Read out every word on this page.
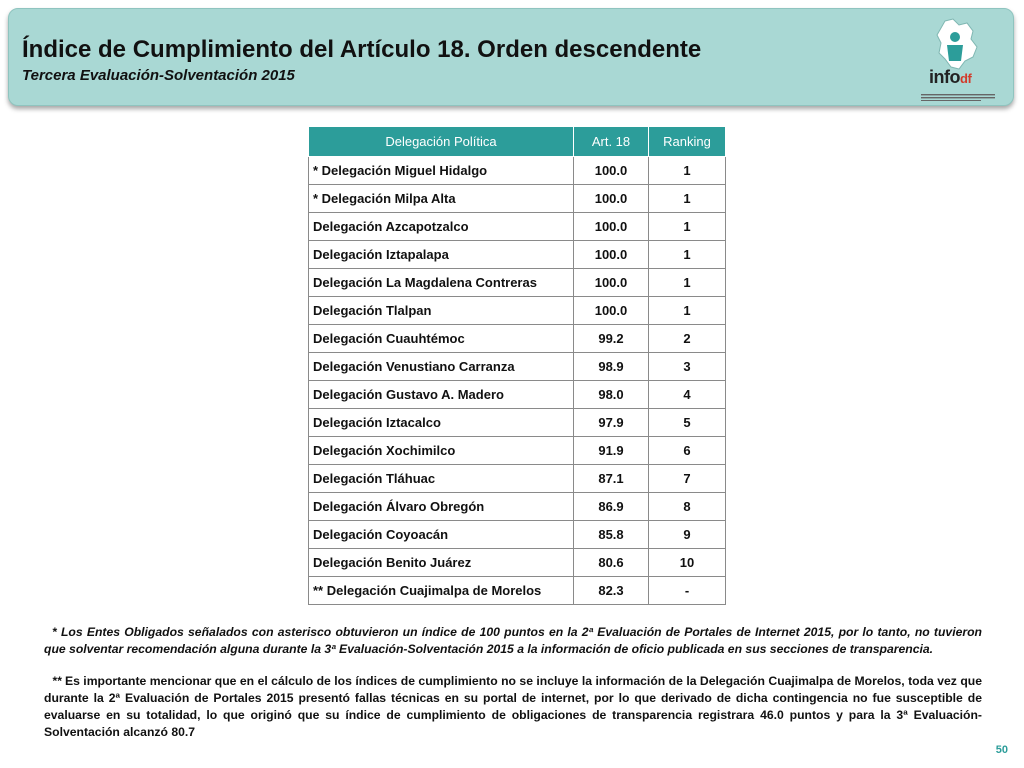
Índice de Cumplimiento del Artículo 18. Orden descendente
Tercera Evaluación-Solventación 2015	infodf
Delegación Política	Art. 18	Ranking
* Delegación Miguel Hidalgo	100.0	1
* Delegación Milpa Alta	100.0	1
Delegación Azcapotzalco	100.0	1
Delegación Iztapalapa	100.0	1
Delegación La Magdalena Contreras	100.0	1
Delegación Tlalpan	100.0	1
Delegación Cuauhtémoc	99.2	2
Delegación Venustiano Carranza	98.9	3
Delegación Gustavo A. Madero	98.0	4
Delegación Iztacalco	97.9	5
Delegación Xochimilco	91.9	6
Delegación Tláhuac	87.1	7
Delegación Álvaro Obregón	86.9	8
Delegación Coyoacán	85.8	9
Delegación Benito Juárez	80.6	10
** Delegación Cuajimalpa de Morelos	82.3	-
* Los Entes Obligados señalados con asterisco obtuvieron un índice de 100 puntos en la 2ª Evaluación de Portales de Internet 2015, por lo tanto, no tuvieron que solventar recomendación alguna durante la 3ª Evaluación-Solventación 2015 a la información de oficio publicada en sus secciones de transparencia.
** Es importante mencionar que en el cálculo de los índices de cumplimiento no se incluye la información de la Delegación Cuajimalpa de Morelos, toda vez que durante la 2ª Evaluación de Portales 2015 presentó fallas técnicas en su portal de internet, por lo que derivado de dicha contingencia no fue susceptible de evaluarse en su totalidad, lo que originó que su índice de cumplimiento de obligaciones de transparencia registrara 46.0 puntos y para la 3ª Evaluación-Solventación alcanzó 80.7
50
